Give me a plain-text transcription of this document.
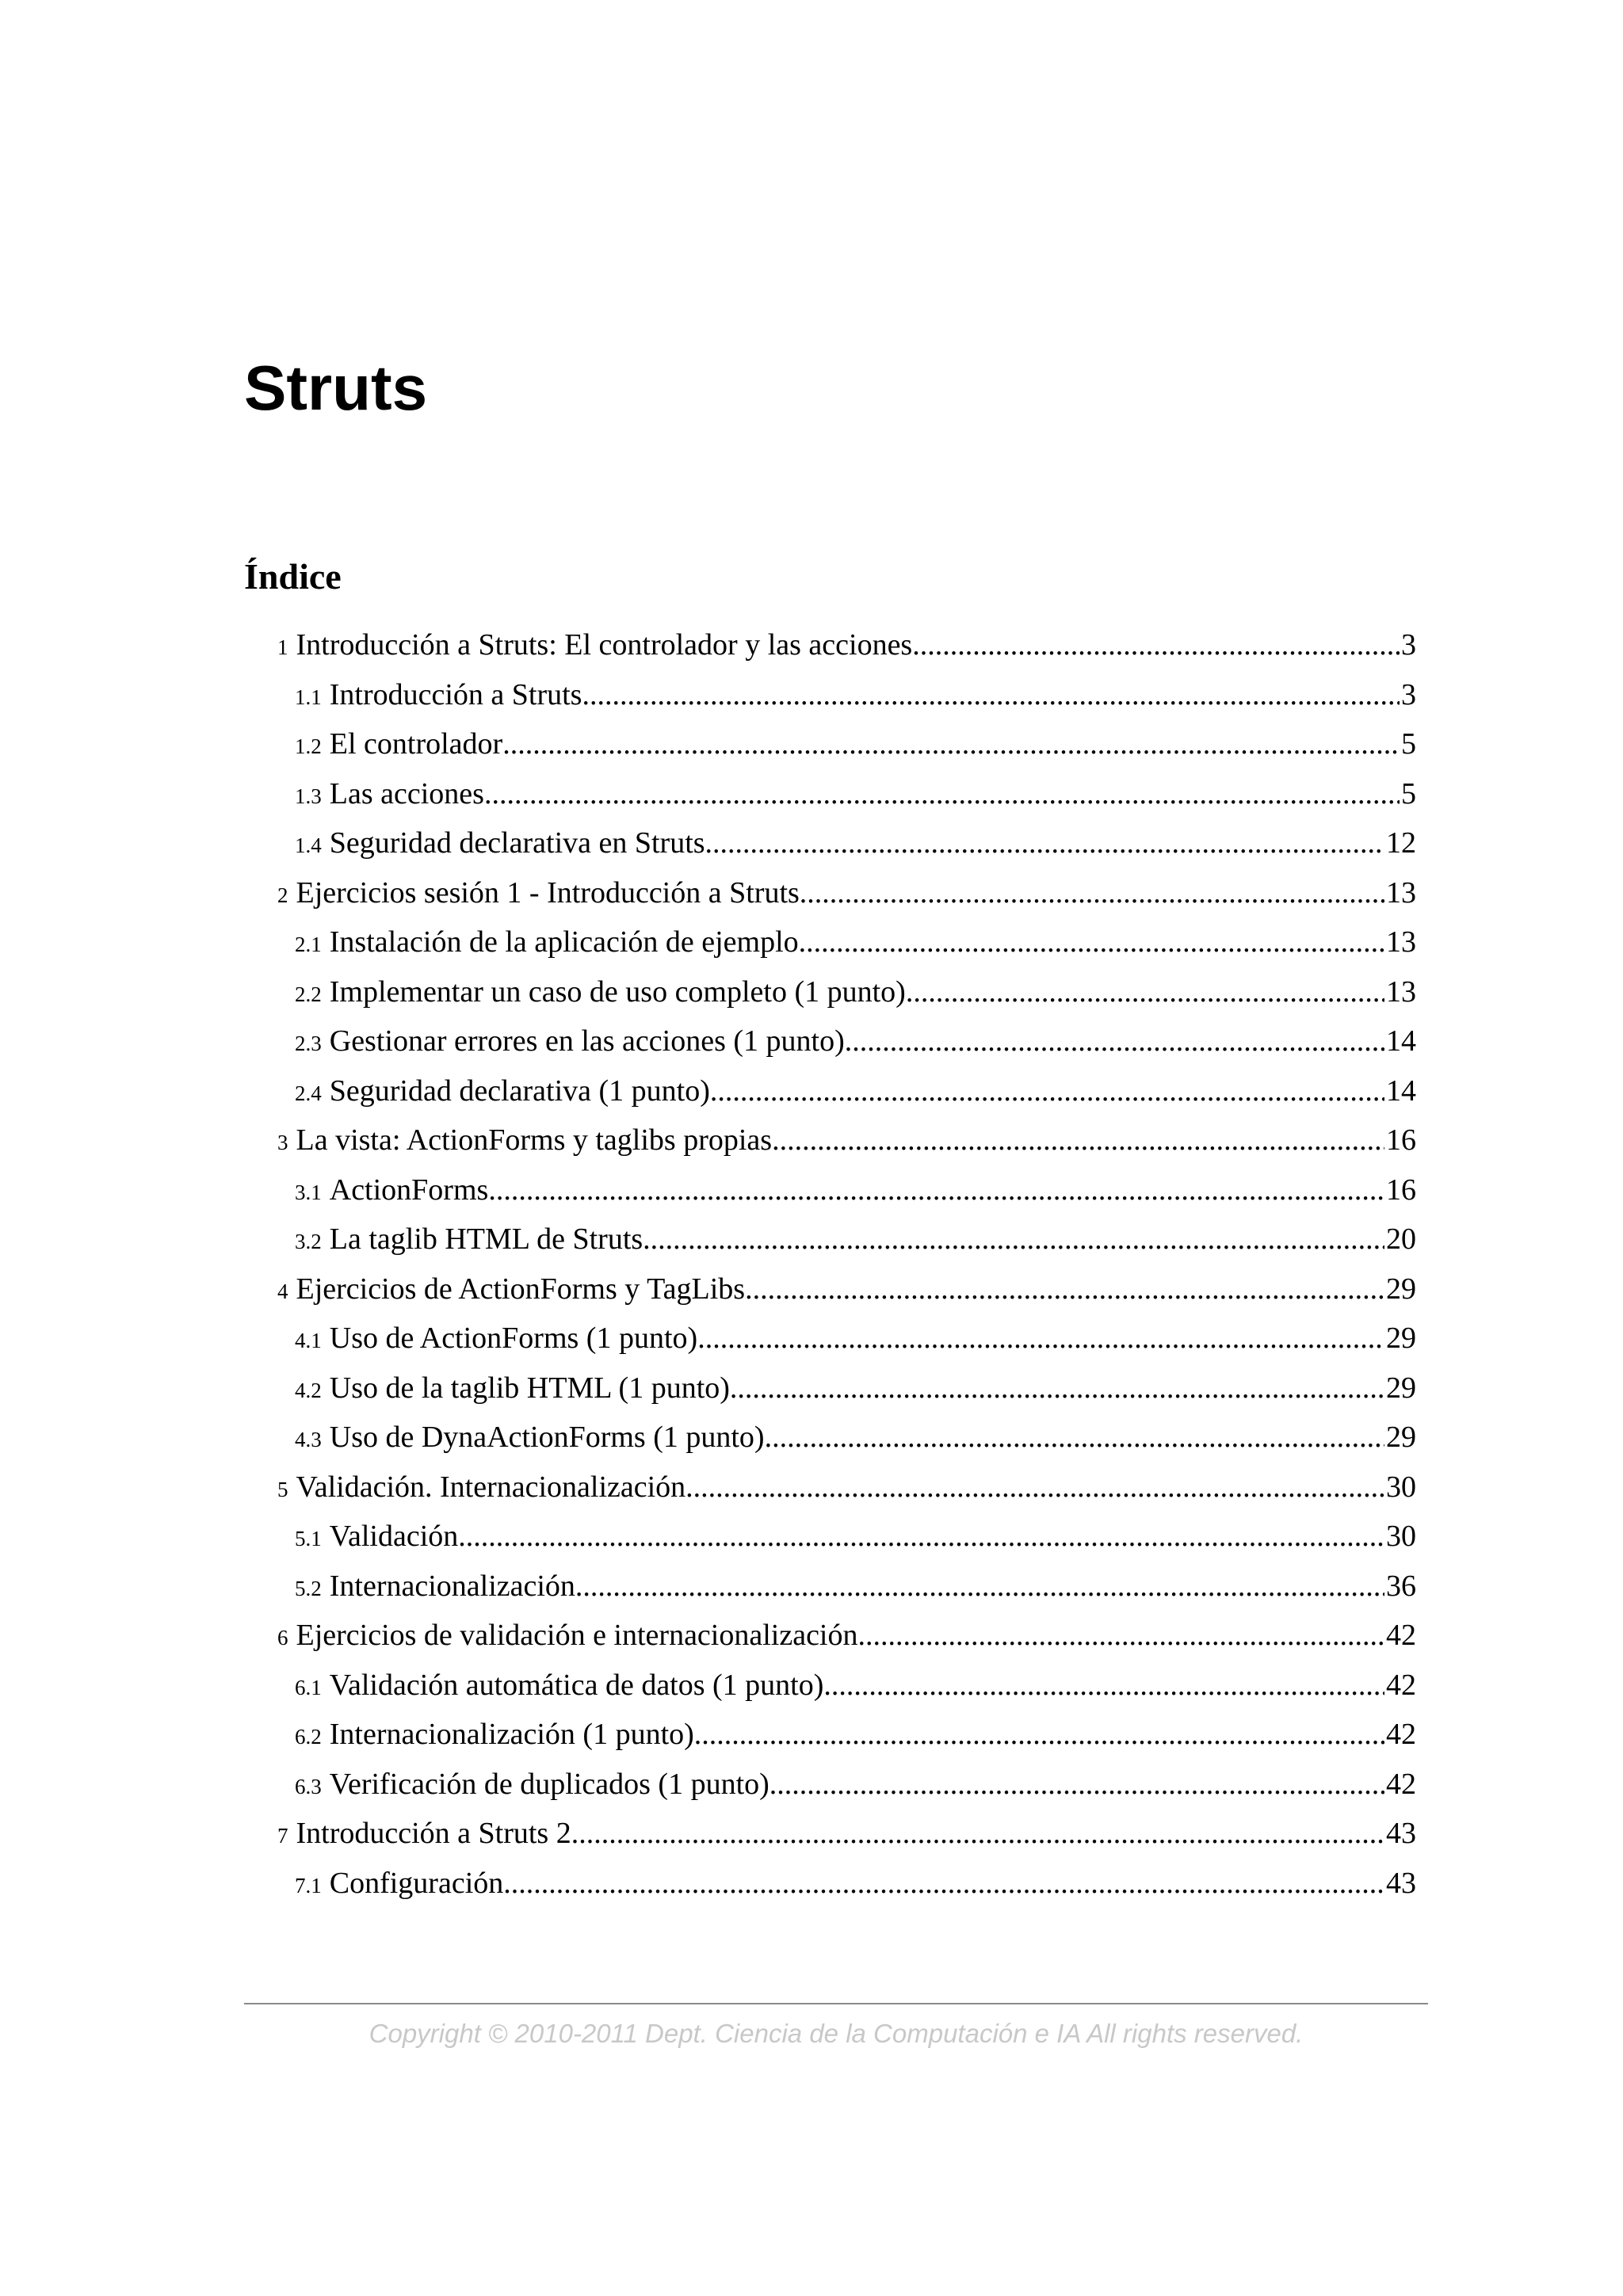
Struts
Índice
1 Introducción a Struts: El controlador y las acciones .....	3
1.1 Introducción a Struts .....	3
1.2 El controlador .....	5
1.3 Las acciones .....	5
1.4 Seguridad declarativa en Struts .....	12
2 Ejercicios sesión 1 - Introducción a Struts .....	13
2.1 Instalación de la aplicación de ejemplo .....	13
2.2 Implementar un caso de uso completo (1 punto) .....	13
2.3 Gestionar errores en las acciones (1 punto) .....	14
2.4 Seguridad declarativa (1 punto) .....	14
3 La vista: ActionForms y taglibs propias .....	16
3.1 ActionForms .....	16
3.2 La taglib HTML de Struts .....	20
4 Ejercicios de ActionForms y TagLibs .....	29
4.1 Uso de ActionForms (1 punto) .....	29
4.2 Uso de la taglib HTML (1 punto) .....	29
4.3 Uso de DynaActionForms (1 punto) .....	29
5 Validación. Internacionalización .....	30
5.1 Validación .....	30
5.2 Internacionalización .....	36
6 Ejercicios de validación e internacionalización .....	42
6.1 Validación automática de datos (1 punto) .....	42
6.2 Internacionalización (1 punto) .....	42
6.3 Verificación de duplicados (1 punto) .....	42
7 Introducción a Struts 2 .....	43
7.1 Configuración .....	43
Copyright © 2010-2011 Dept. Ciencia de la Computación e IA All rights reserved.
